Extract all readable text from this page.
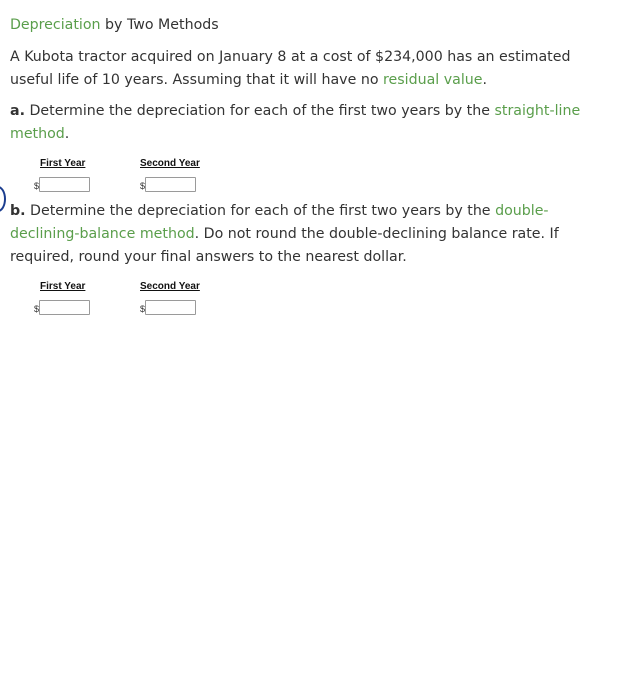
Depreciation by Two Methods
A Kubota tractor acquired on January 8 at a cost of $234,000 has an estimated useful life of 10 years. Assuming that it will have no residual value.
a. Determine the depreciation for each of the first two years by the straight-line method.
First Year	Second Year
$	$
b. Determine the depreciation for each of the first two years by the double-declining-balance method. Do not round the double-declining balance rate. If required, round your final answers to the nearest dollar.
First Year	Second Year
$	$
